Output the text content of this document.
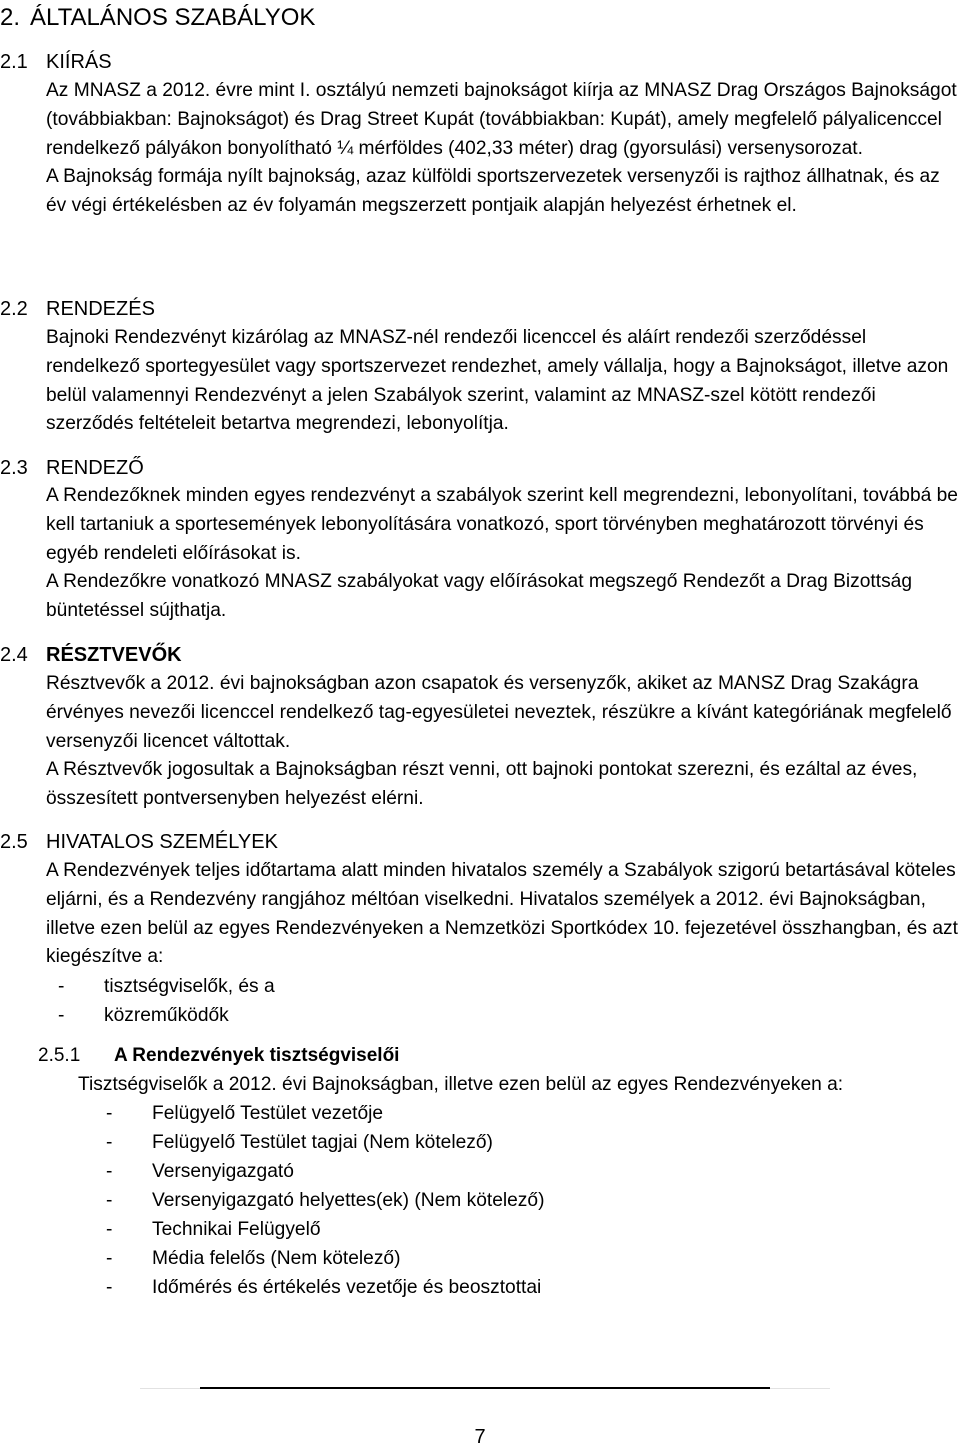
2. ÁLTALÁNOS SZABÁLYOK
2.1 KIÍRÁS

Az MNASZ a 2012. évre mint I. osztályú nemzeti bajnokságot kiírja az MNASZ Drag Országos Bajnokságot (továbbiakban: Bajnokságot) és Drag Street Kupát (továbbiakban: Kupát), amely megfelelő pályalicenccel rendelkező pályákon bonyolítható ¼ mérföldes (402,33 méter) drag (gyorsulási) versenysorozat.

A Bajnokság formája nyílt bajnokság, azaz külföldi sportszervezetek versenyzői is rajthoz állhatnak, és az év végi értékelésben az év folyamán megszerzett pontjaik alapján helyezést érhetnek el.

2.2 RENDEZÉS

Bajnoki Rendezvényt kizárólag az MNASZ-nél rendezői licenccel és aláírt rendezői szerződéssel rendelkező sportegyesület vagy sportszervezet rendezhet, amely vállalja, hogy a Bajnokságot, illetve azon belül valamennyi Rendezvényt a jelen Szabályok szerint, valamint az MNASZ-szel kötött rendezői szerződés feltételeit betartva megrendezi, lebonyolítja.

2.3 RENDEZŐ

A Rendezőknek minden egyes rendezvényt a szabályok szerint kell megrendezni, lebonyolítani, továbbá be kell tartaniuk a sportesemények lebonyolítására vonatkozó, sport törvényben meghatározott törvényi és egyéb rendeleti előírásokat is.

A Rendezőkre vonatkozó MNASZ szabályokat vagy előírásokat megszegő Rendezőt a Drag Bizottság büntetéssel sújthatja.

2.4 RÉSZTVEVŐK

Résztvevők a 2012. évi bajnokságban azon csapatok és versenyzők, akiket az MANSZ Drag Szakágra érvényes nevezői licenccel rendelkező tag-egyesületei neveztek, részükre a kívánt kategóriának megfelelő versenyzői licencet váltottak.

A Résztvevők jogosultak a Bajnokságban részt venni, ott bajnoki pontokat szerezni, és ezáltal az éves, összesített pontversenyben helyezést elérni.

2.5 HIVATALOS SZEMÉLYEK

A Rendezvények teljes időtartama alatt minden hivatalos személy a Szabályok szigorú betartásával köteles eljárni, és a Rendezvény rangjához méltóan viselkedni. Hivatalos személyek a 2012. évi Bajnokságban, illetve ezen belül az egyes Rendezvényeken a Nemzetközi Sportkódex 10. fejezetével összhangban, és azt kiegészítve a:

- tisztségviselők, és a
- közreműködők
2.5.1 A Rendezvények tisztségviselői

Tisztségviselők a 2012. évi Bajnokságban, illetve ezen belül az egyes Rendezvényeken a:

- Felügyelő Testület vezetője
- Felügyelő Testület tagjai (Nem kötelező)
- Versenyigazgató
- Versenyigazgató helyettes(ek) (Nem kötelező)
- Technikai Felügyelő
- Média felelős (Nem kötelező)
- Időmérés és értékelés vezetője és beosztottai
7
